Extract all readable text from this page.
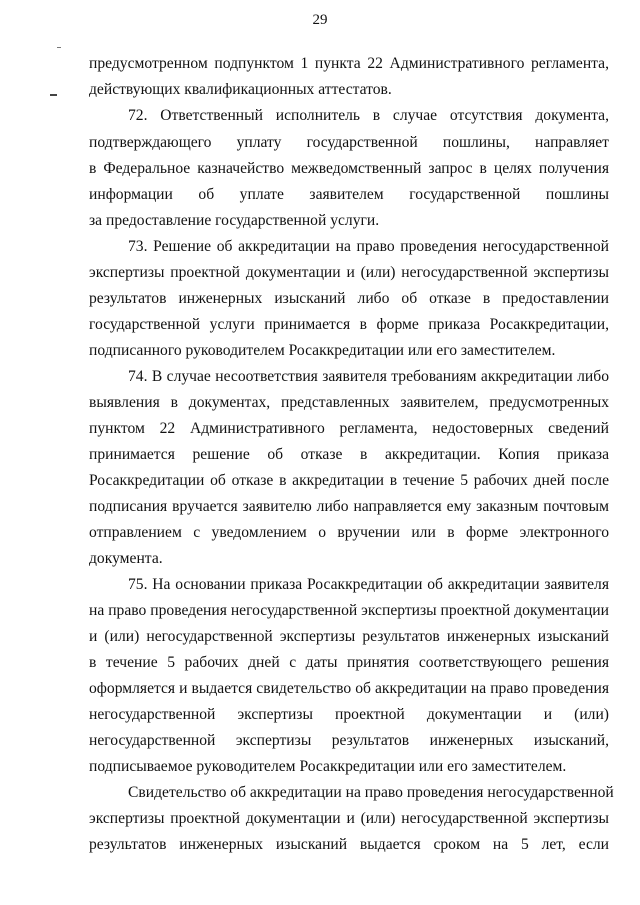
29
предусмотренном подпунктом 1 пункта 22 Административного регламента,
действующих квалификационных аттестатов.
72. Ответственный исполнитель в случае отсутствия документа,
подтверждающего уплату государственной пошлины, направляет
в Федеральное казначейство межведомственный запрос в целях получения
информации об уплате заявителем государственной пошлины
за предоставление государственной услуги.
73. Решение об аккредитации на право проведения негосударственной
экспертизы проектной документации и (или) негосударственной экспертизы
результатов инженерных изысканий либо об отказе в предоставлении
государственной услуги принимается в форме приказа Росаккредитации,
подписанного руководителем Росаккредитации или его заместителем.
74. В случае несоответствия заявителя требованиям аккредитации либо
выявления в документах, представленных заявителем, предусмотренных
пунктом 22 Административного регламента, недостоверных сведений
принимается решение об отказе в аккредитации. Копия приказа
Росаккредитации об отказе в аккредитации в течение 5 рабочих дней после
подписания вручается заявителю либо направляется ему заказным почтовым
отправлением с уведомлением о вручении или в форме электронного
документа.
75. На основании приказа Росаккредитации об аккредитации заявителя
на право проведения негосударственной экспертизы проектной документации
и (или) негосударственной экспертизы результатов инженерных изысканий
в течение 5 рабочих дней с даты принятия соответствующего решения
оформляется и выдается свидетельство об аккредитации на право проведения
негосударственной экспертизы проектной документации и (или)
негосударственной экспертизы результатов инженерных изысканий,
подписываемое руководителем Росаккредитации или его заместителем.
Свидетельство об аккредитации на право проведения негосударственной
экспертизы проектной документации и (или) негосударственной экспертизы
результатов инженерных изысканий выдается сроком на 5 лет, если
